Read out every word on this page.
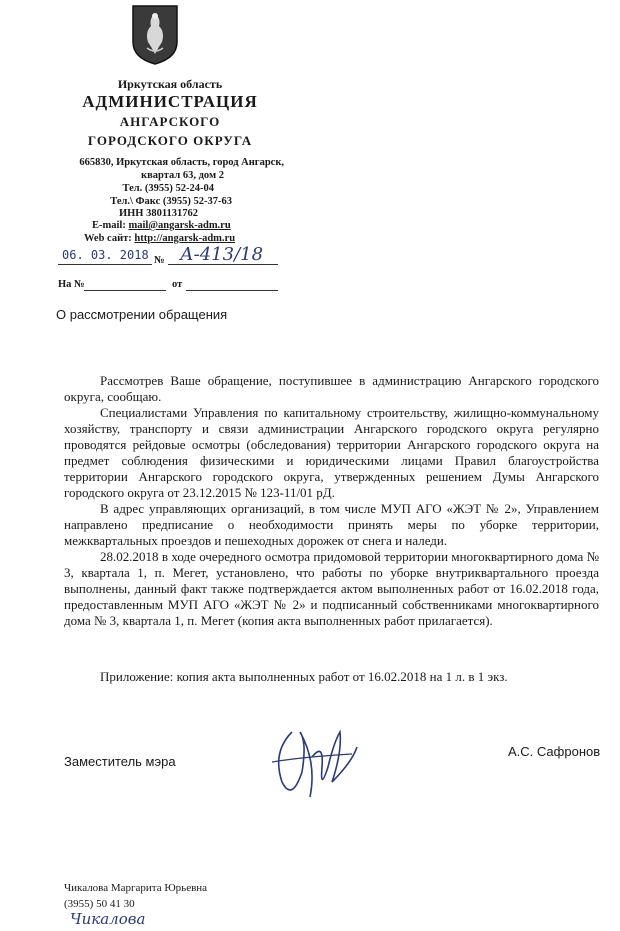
Иркутская область
АДМИНИСТРАЦИЯ
АНГАРСКОГО
ГОРОДСКОГО ОКРУГА
665830, Иркутская область, город Ангарск,
квартал 63, дом 2
Тел. (3955) 52-24-04
Тел.\ Факс (3955) 52-37-63
ИНН 3801131762
E-mail: mail@angarsk-adm.ru
Web сайт: http://angarsk-adm.ru
06. 03. 2018 № А-413/18
На №	от
О рассмотрении обращения

Рассмотрев Ваше обращение, поступившее в администрацию Ангарского городского округа, сообщаю.

Специалистами Управления по капитальному строительству, жилищно-коммунальному хозяйству, транспорту и связи администрации Ангарского городского округа регулярно проводятся рейдовые осмотры (обследования) территории Ангарского городского округа на предмет соблюдения физическими и юридическими лицами Правил благоустройства территории Ангарского городского округа, утвержденных решением Думы Ангарского городского округа от 23.12.2015 № 123-11/01 рД.

В адрес управляющих организаций, в том числе МУП АГО «ЖЭТ № 2», Управлением направлено предписание о необходимости принять меры по уборке территории, межквартальных проездов и пешеходных дорожек от снега и наледи.

28.02.2018 в ходе очередного осмотра придомовой территории многоквартирного дома № 3, квартала 1, п. Мегет, установлено, что работы по уборке внутриквартального проезда выполнены, данный факт также подтверждается актом выполненных работ от 16.02.2018 года, предоставленным МУП АГО «ЖЭТ № 2» и подписанный собственниками многоквартирного дома № 3, квартала 1, п. Мегет (копия акта выполненных работ прилагается).

Приложение: копия акта выполненных работ от 16.02.2018 на 1 л. в 1 экз.
Заместитель мэра
А.С. Сафронов
Чикалова Маргарита Юрьевна
(3955) 50 41 30
Чикалова
